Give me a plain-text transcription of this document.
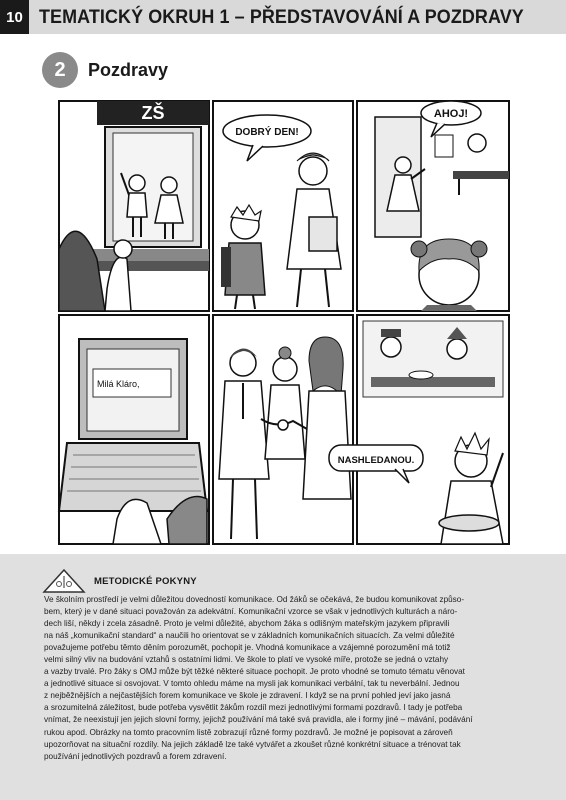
10 TEMATICKÝ OKRUH 1 – PŘEDSTAVOVÁNÍ A POZDRAVY
2	Pozdravy
ZŠ
DOBRÝ DEN!
AHOJ!
Milá Kláro,
NASHLEDANOU.
METODICKÉ POKYNY
Ve školním prostředí je velmi důležitou dovedností komunikace. Od žáků se očekává, že budou komunikovat způso-
bem, který je v dané situaci považován za adekvátní. Komunikační vzorce se však v jednotlivých kulturách a náro-
dech liší, někdy i zcela zásadně. Proto je velmi důležité, abychom žáka s odlišným mateřským jazykem připravili
na náš „komunikační standard“ a naučili ho orientovat se v základních komunikačních situacích. Za velmi důležité
považujeme potřebu těmto děním porozumět, pochopit je. Vhodná komunikace a vzájemné porozumění má totiž
velmi silný vliv na budování vztahů s ostatními lidmi. Ve škole to platí ve vysoké míře, protože se jedná o vztahy
a vazby trvalé. Pro žáky s OMJ může být těžké některé situace pochopit. Je proto vhodné se tomuto tématu věnovat
a jednotlivé situace si osvojovat. V tomto ohledu máme na mysli jak komunikaci verbální, tak tu neverbální. Jednou
z nejběžnějších a nejčastějších forem komunikace ve škole je zdravení. I když se na první pohled jeví jako jasná
a srozumitelná záležitost, bude potřeba vysvětlit žákům rozdíl mezi jednotlivými formami pozdravů. I tady je potřeba
vnímat, že neexistují jen jejich slovní formy, jejichž používání má také svá pravidla, ale i formy jiné – mávání, podávání
rukou apod. Obrázky na tomto pracovním listě zobrazují různé formy pozdravů. Je možné je popisovat a zároveň
upozorňovat na situační rozdíly. Na jejich základě lze také vytvářet a zkoušet různé konkrétní situace a trénovat tak
používání jednotlivých pozdravů a forem zdravení.
